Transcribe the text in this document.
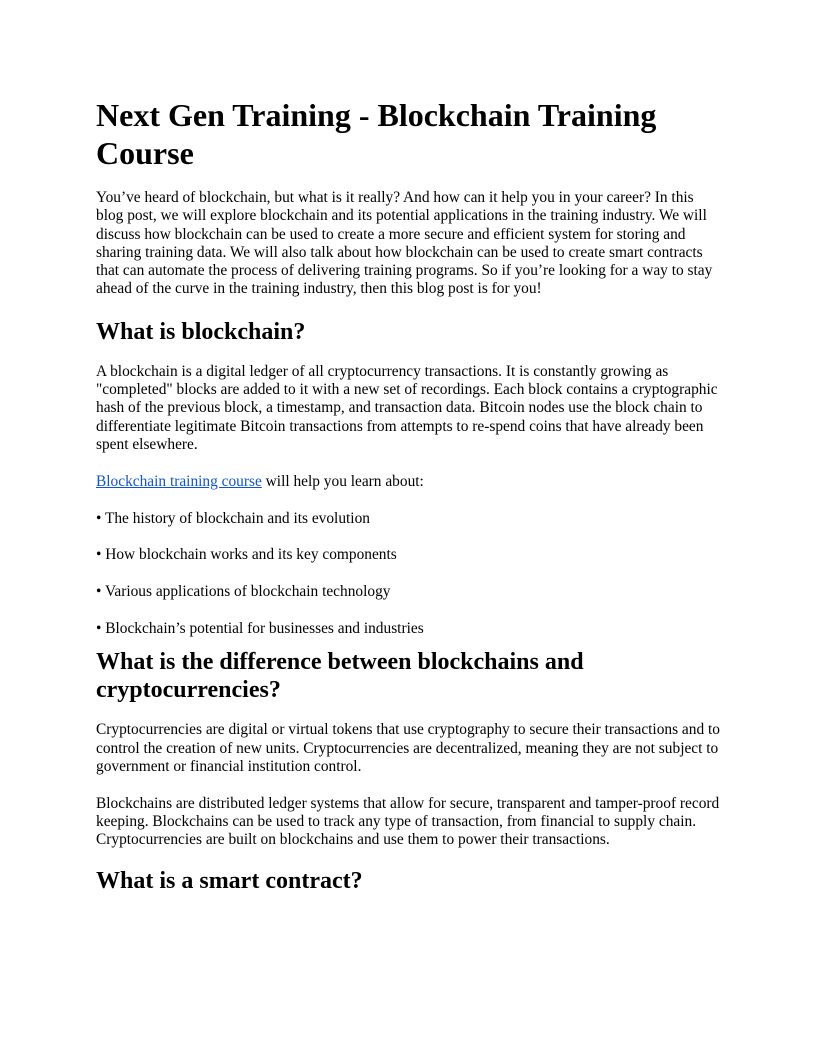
Next Gen Training - Blockchain Training Course

You’ve heard of blockchain, but what is it really? And how can it help you in your career? In this blog post, we will explore blockchain and its potential applications in the training industry. We will discuss how blockchain can be used to create a more secure and efficient system for storing and sharing training data. We will also talk about how blockchain can be used to create smart contracts that can automate the process of delivering training programs. So if you’re looking for a way to stay ahead of the curve in the training industry, then this blog post is for you!

What is blockchain?

A blockchain is a digital ledger of all cryptocurrency transactions. It is constantly growing as "completed" blocks are added to it with a new set of recordings. Each block contains a cryptographic hash of the previous block, a timestamp, and transaction data. Bitcoin nodes use the block chain to differentiate legitimate Bitcoin transactions from attempts to re-spend coins that have already been spent elsewhere.

Blockchain training course will help you learn about:

• The history of blockchain and its evolution

• How blockchain works and its key components

• Various applications of blockchain technology

• Blockchain’s potential for businesses and industries

What is the difference between blockchains and cryptocurrencies?

Cryptocurrencies are digital or virtual tokens that use cryptography to secure their transactions and to control the creation of new units. Cryptocurrencies are decentralized, meaning they are not subject to government or financial institution control.

Blockchains are distributed ledger systems that allow for secure, transparent and tamper-proof record keeping. Blockchains can be used to track any type of transaction, from financial to supply chain. Cryptocurrencies are built on blockchains and use them to power their transactions.

What is a smart contract?
